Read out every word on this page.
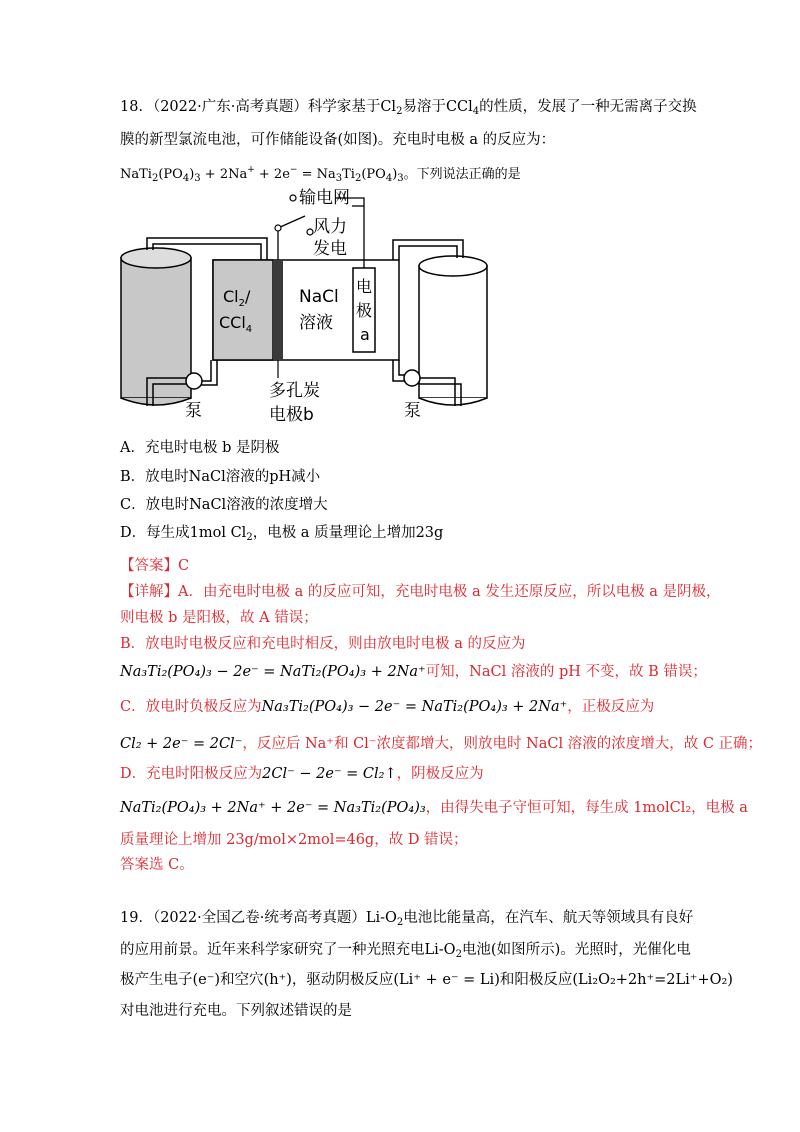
18．（2022·广东·高考真题）科学家基于$Cl_2$易溶于CCl$_4$的性质，发展了一种无需离子交换
膜的新型氯流电池，可作储能设备(如图)。充电时电极 a 的反应为：
$NaTi_2(PO_4)_3 + 2Na^+ + 2e^- = Na_3Ti_2(PO_4)_3$。下列说法正确的是
输电网
风力
发电
$Cl_2/$
CCl$_4$
NaCl
溶液
电
极
a
多孔炭
电极b
泵	泵
A．充电时电极 b 是阴极
B．放电时NaCl溶液的pH减小
C．放电时NaCl溶液的浓度增大
D．每生成1mol $Cl_2$，电极 a 质量理论上增加23g
【答案】C
【详解】A．由充电时电极 a 的反应可知，充电时电极 a 发生还原反应，所以电极 a 是阴极，
则电极 b 是阳极，故 A 错误；
B．放电时电极反应和充电时相反，则由放电时电极 a 的反应为
Na₃Ti₂(PO₄)₃ − 2e⁻ = NaTi₂(PO₄)₃ + 2Na⁺可知，NaCl 溶液的 pH 不变，故 B 错误；
C．放电时负极反应为Na₃Ti₂(PO₄)₃ − 2e⁻ = NaTi₂(PO₄)₃ + 2Na⁺，正极反应为
Cl₂ + 2e⁻ = 2Cl⁻，反应后 Na⁺和 Cl⁻浓度都增大，则放电时 NaCl 溶液的浓度增大，故 C 正确；
D．充电时阳极反应为2Cl⁻ − 2e⁻ = Cl₂↑，阴极反应为
NaTi₂(PO₄)₃ + 2Na⁺ + 2e⁻ = Na₃Ti₂(PO₄)₃，由得失电子守恒可知，每生成 1molCl₂，电极 a
质量理论上增加 23g/mol×2mol=46g，故 D 错误；
答案选 C。
19．（2022·全国乙卷·统考高考真题）$Li-O_2$电池比能量高，在汽车、航天等领域具有良好
的应用前景。近年来科学家研究了一种光照充电$Li-O_2$电池(如图所示)。光照时，光催化电
极产生电子(e⁻)和空穴(h⁺)，驱动阴极反应(Li⁺ + e⁻ = Li)和阳极反应(Li₂O₂+2h⁺=2Li⁺+O₂)
对电池进行充电。下列叙述错误的是
